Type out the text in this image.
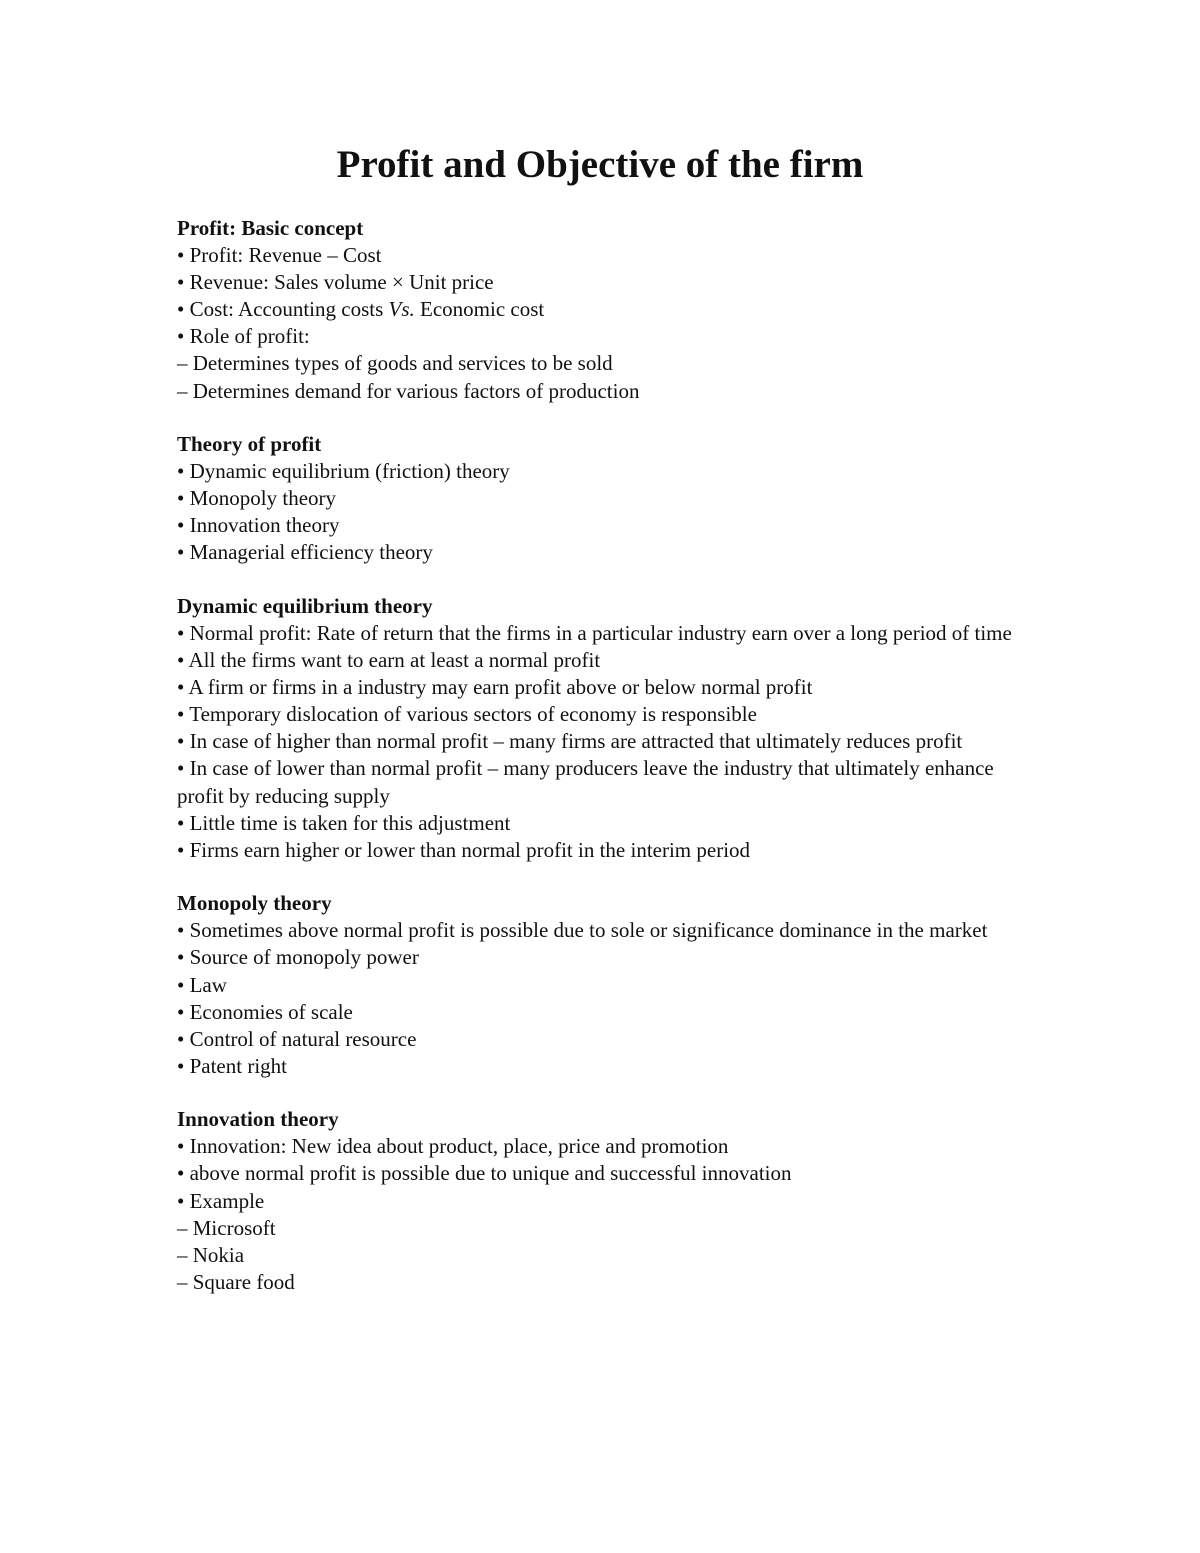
Profit and Objective of the firm

Profit: Basic concept

• Profit: Revenue – Cost

• Revenue: Sales volume × Unit price

• Cost: Accounting costs Vs. Economic cost

• Role of profit:

– Determines types of goods and services to be sold

– Determines demand for various factors of production

Theory of profit

• Dynamic equilibrium (friction) theory

• Monopoly theory

• Innovation theory

• Managerial efficiency theory

Dynamic equilibrium theory

• Normal profit: Rate of return that the firms in a particular industry earn over a long period of time

• All the firms want to earn at least a normal profit

• A firm or firms in a industry may earn profit above or below normal profit

• Temporary dislocation of various sectors of economy is responsible

• In case of higher than normal profit – many firms are attracted that ultimately reduces profit

• In case of lower than normal profit – many producers leave the industry that ultimately enhance profit by reducing supply

• Little time is taken for this adjustment

• Firms earn higher or lower than normal profit in the interim period

Monopoly theory

• Sometimes above normal profit is possible due to sole or significance dominance in the market

• Source of monopoly power

• Law

• Economies of scale

• Control of natural resource

• Patent right

Innovation theory

• Innovation: New idea about product, place, price and promotion

• above normal profit is possible due to unique and successful innovation

• Example

– Microsoft

– Nokia

– Square food
